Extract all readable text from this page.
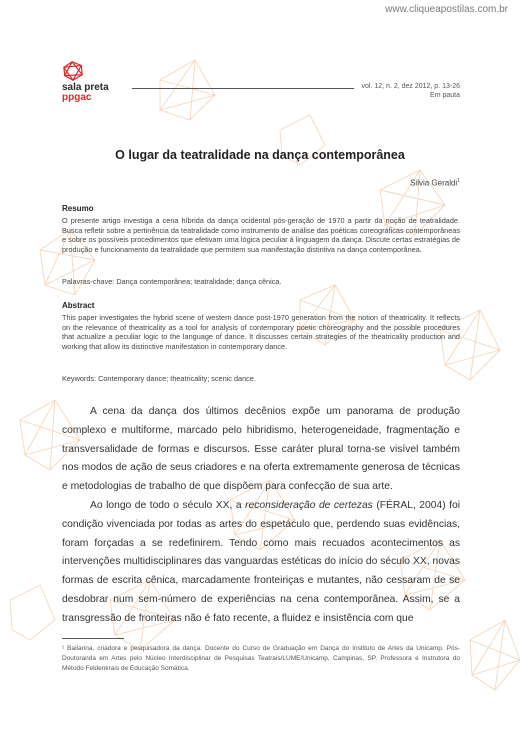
www.cliqueapostilas.com.br
sala preta
ppgac
vol. 12, n. 2, dez 2012, p. 13-26
Em pauta
O lugar da teatralidade na dança contemporânea
Silvia Geraldi$^1$
Resumo
O presente artigo investiga a cena híbrida da dança ocidental pós-geração de 1970 a partir da noção de teatralidade. Busca refletir sobre a pertinência da teatralidade como instrumento de análise das poéticas coreográficas contemporâneas e sobre os possíveis procedimentos que efetivam uma lógica peculiar à linguagem da dança. Discute certas estratégias de produção e funcionamento da teatralidade que permitem sua manifestação distintiva na dança contemporânea.
Palavras-chave: Dança contemporânea; teatralidade; dança cênica.
Abstract
This paper investigates the hybrid scene of western dance post-1970 generation from the notion of theatricality. It reflects on the relevance of theatricality as a tool for analysis of contemporary poetic choreography and the possible procedures that actualize a peculiar logic to the language of dance. It discusses certain strategies of the theatricality production and working that allow its distinctive manifestation in contemporary dance.
Keywords: Contemporary dance; theatricality; scenic dance.

A cena da dança dos últimos decênios expõe um panorama de produção complexo e multiforme, marcado pelo hibridismo, heterogeneidade, fragmentação e transversalidade de formas e discursos. Esse caráter plural torna-se visível também nos modos de ação de seus criadores e na oferta extremamente generosa de técnicas e metodologias de trabalho de que dispõem para confecção de sua arte.

Ao longo de todo o século XX, a reconsideração de certezas (FÉRAL, 2004) foi condição vivenciada por todas as artes do espetáculo que, perdendo suas evidências, foram forçadas a se redefinirem. Tendo como mais recuados acontecimentos as intervenções multidisciplinares das vanguardas estéticas do início do século XX, novas formas de escrita cênica, marcadamente fronteiriças e mutantes, não cessaram de se desdobrar num sem-número de experiências na cena contemporânea. Assim, se a transgressão de fronteiras não é fato recente, a fluidez e insistência com que

¹ Bailarina, criadora e pesquisadora da dança. Docente do Curso de Graduação em Dança do Instituto de Artes da Unicamp. Pós-Doutoranda em Artes pelo Núcleo Interdisciplinar de Pesquisas Teatrais/LUME/Unicamp, Campinas, SP. Professora e Instrutora do Método Feldenkrais de Educação Somática.
